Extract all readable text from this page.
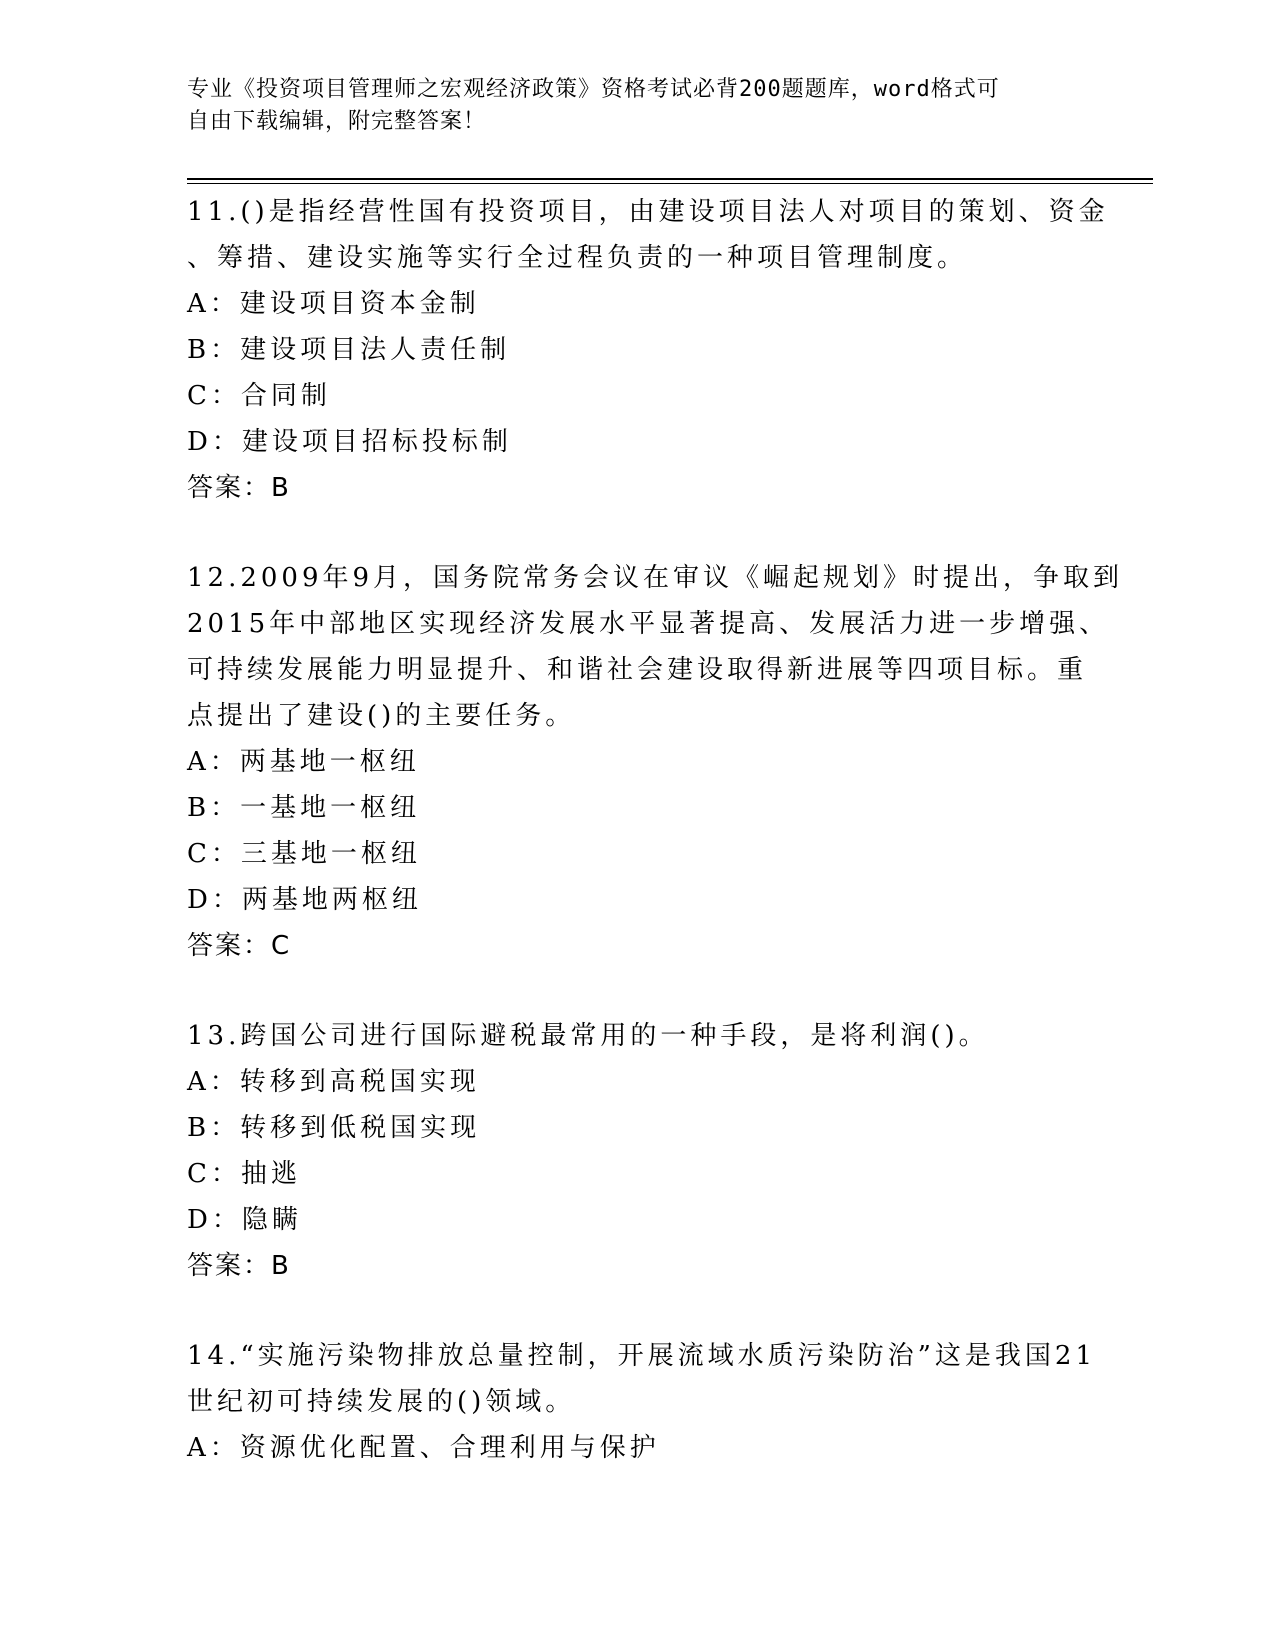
专业《投资项目管理师之宏观经济政策》资格考试必背200题题库，word格式可
自由下载编辑，附完整答案！
11.()是指经营性国有投资项目，由建设项目法人对项目的策划、资金
、筹措、建设实施等实行全过程负责的一种项目管理制度。
A：建设项目资本金制
B：建设项目法人责任制
C：合同制
D：建设项目招标投标制
答案：B
12.2009年9月，国务院常务会议在审议《崛起规划》时提出，争取到
2015年中部地区实现经济发展水平显著提高、发展活力进一步增强、
可持续发展能力明显提升、和谐社会建设取得新进展等四项目标。重
点提出了建设()的主要任务。
A：两基地一枢纽
B：一基地一枢纽
C：三基地一枢纽
D：两基地两枢纽
答案：C
13.跨国公司进行国际避税最常用的一种手段，是将利润()。
A：转移到高税国实现
B：转移到低税国实现
C：抽逃
D：隐瞒
答案：B
14.“实施污染物排放总量控制，开展流域水质污染防治”这是我国21
世纪初可持续发展的()领域。
A：资源优化配置、合理利用与保护
